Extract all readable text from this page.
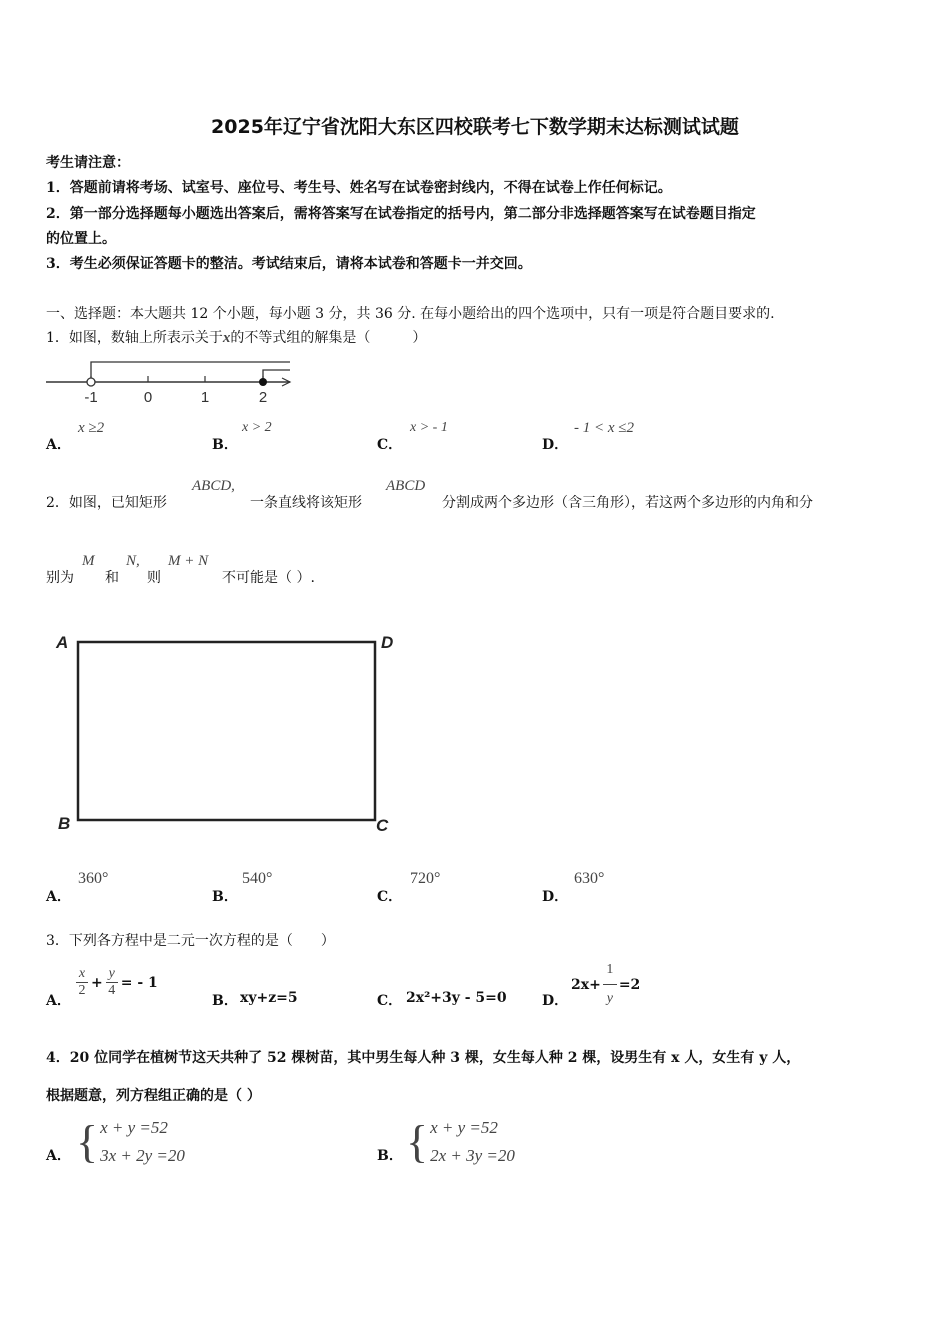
2025年辽宁省沈阳大东区四校联考七下数学期末达标测试试题
考生请注意：
1．答题前请将考场、试室号、座位号、考生号、姓名写在试卷密封线内，不得在试卷上作任何标记。
2．第一部分选择题每小题选出答案后，需将答案写在试卷指定的括号内，第二部分非选择题答案写在试卷题目指定
的位置上。
3．考生必须保证答题卡的整洁。考试结束后，请将本试卷和答题卡一并交回。
一、选择题：本大题共 12 个小题，每小题 3 分，共 36 分. 在每小题给出的四个选项中，只有一项是符合题目要求的.
1．如图，数轴上所表示关于x的不等式组的解集是（　　　）
-1	0	1	2
A．
x ≥2
B．
x > 2
C．
x > - 1
D．
- 1 < x ≤2
2．如图，已知矩形
ABCD,
一条直线将该矩形
ABCD
分割成两个多边形（含三角形），若这两个多边形的内角和分
别为
M
和
N,
则
M + N
不可能是（ ）.
A	D
B	C
A．
360°
B．
540°
C．
720°
D．
630°
3．下列各方程中是二元一次方程的是（　　）
A．
$\frac{x}{2} + \frac{y}{4}$ = - 1
B． xy+z=5	C． 2x²+3y - 5=0	D．
$2x+ \frac{1}{y} =2$
4．20 位同学在植树节这天共种了 52 棵树苗，其中男生每人种 3 棵，女生每人种 2 棵，设男生有 x 人，女生有 y 人，
根据题意，列方程组正确的是（ ）
A． { x + y =52
3x + 2y =20	B． { x + y =52
2x + 3y =20
